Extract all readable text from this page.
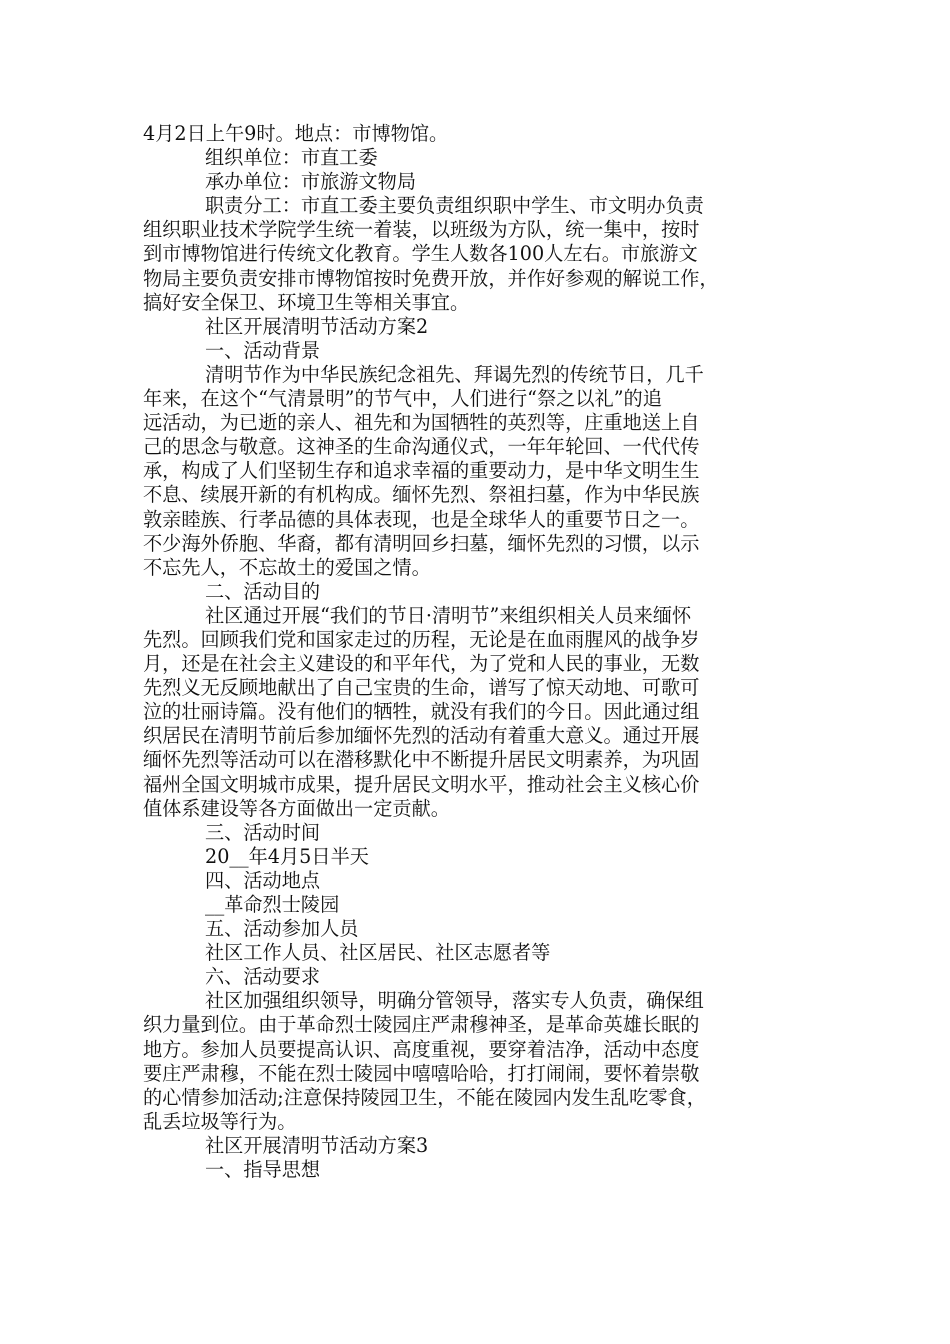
4月2日上午9时。地点：市博物馆。
组织单位：市直工委
承办单位：市旅游文物局
职责分工：市直工委主要负责组织职中学生、市文明办负责
组织职业技术学院学生统一着装，以班级为方队，统一集中，按时
到市博物馆进行传统文化教育。学生人数各100人左右。市旅游文
物局主要负责安排市博物馆按时免费开放，并作好参观的解说工作，
搞好安全保卫、环境卫生等相关事宜。
社区开展清明节活动方案2
一、活动背景
清明节作为中华民族纪念祖先、拜谒先烈的传统节日，几千
年来，在这个“气清景明”的节气中，人们进行“祭之以礼”的追
远活动，为已逝的亲人、祖先和为国牺牲的英烈等，庄重地送上自
己的思念与敬意。这神圣的生命沟通仪式，一年年轮回、一代代传
承，构成了人们坚韧生存和追求幸福的重要动力，是中华文明生生
不息、续展开新的有机构成。缅怀先烈、祭祖扫墓，作为中华民族
敦亲睦族、行孝品德的具体表现，也是全球华人的重要节日之一。
不少海外侨胞、华裔，都有清明回乡扫墓，缅怀先烈的习惯，以示
不忘先人，不忘故土的爱国之情。
二、活动目的
社区通过开展“我们的节日·清明节”来组织相关人员来缅怀
先烈。回顾我们党和国家走过的历程，无论是在血雨腥风的战争岁
月，还是在社会主义建设的和平年代，为了党和人民的事业，无数
先烈义无反顾地献出了自己宝贵的生命，谱写了惊天动地、可歌可
泣的壮丽诗篇。没有他们的牺牲，就没有我们的今日。因此通过组
织居民在清明节前后参加缅怀先烈的活动有着重大意义。通过开展
缅怀先烈等活动可以在潜移默化中不断提升居民文明素养，为巩固
福州全国文明城市成果，提升居民文明水平，推动社会主义核心价
值体系建设等各方面做出一定贡献。
三、活动时间
20__年4月5日半天
四、活动地点
__革命烈士陵园
五、活动参加人员
社区工作人员、社区居民、社区志愿者等
六、活动要求
社区加强组织领导，明确分管领导，落实专人负责，确保组
织力量到位。由于革命烈士陵园庄严肃穆神圣，是革命英雄长眠的
地方。参加人员要提高认识、高度重视，要穿着洁净，活动中态度
要庄严肃穆，不能在烈士陵园中嘻嘻哈哈，打打闹闹，要怀着崇敬
的心情参加活动;注意保持陵园卫生，不能在陵园内发生乱吃零食，
乱丢垃圾等行为。
社区开展清明节活动方案3
一、指导思想
